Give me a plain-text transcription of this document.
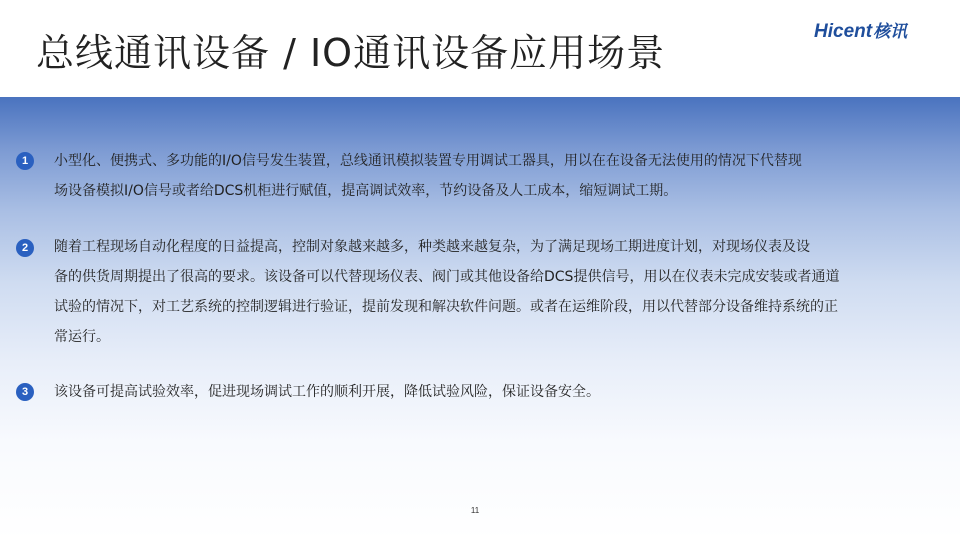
总线通讯设备 / IO通讯设备应用场景	Hicent 核讯
1	小型化、便携式、多功能的I/O信号发生装置，总线通讯模拟装置专用调试工器具，用以在在设备无法使用的情况下代替现
场设备模拟I/O信号或者给DCS机柜进行赋值，提高调试效率，节约设备及人工成本，缩短调试工期。

2	随着工程现场自动化程度的日益提高，控制对象越来越多，种类越来越复杂，为了满足现场工期进度计划，对现场仪表及设
备的供货周期提出了很高的要求。该设备可以代替现场仪表、阀门或其他设备给DCS提供信号，用以在仪表未完成安装或者通道
试验的情况下，对工艺系统的控制逻辑进行验证，提前发现和解决软件问题。或者在运维阶段，用以代替部分设备维持系统的正
常运行。

3	该设备可提高试验效率，促进现场调试工作的顺利开展，降低试验风险，保证设备安全。

11
